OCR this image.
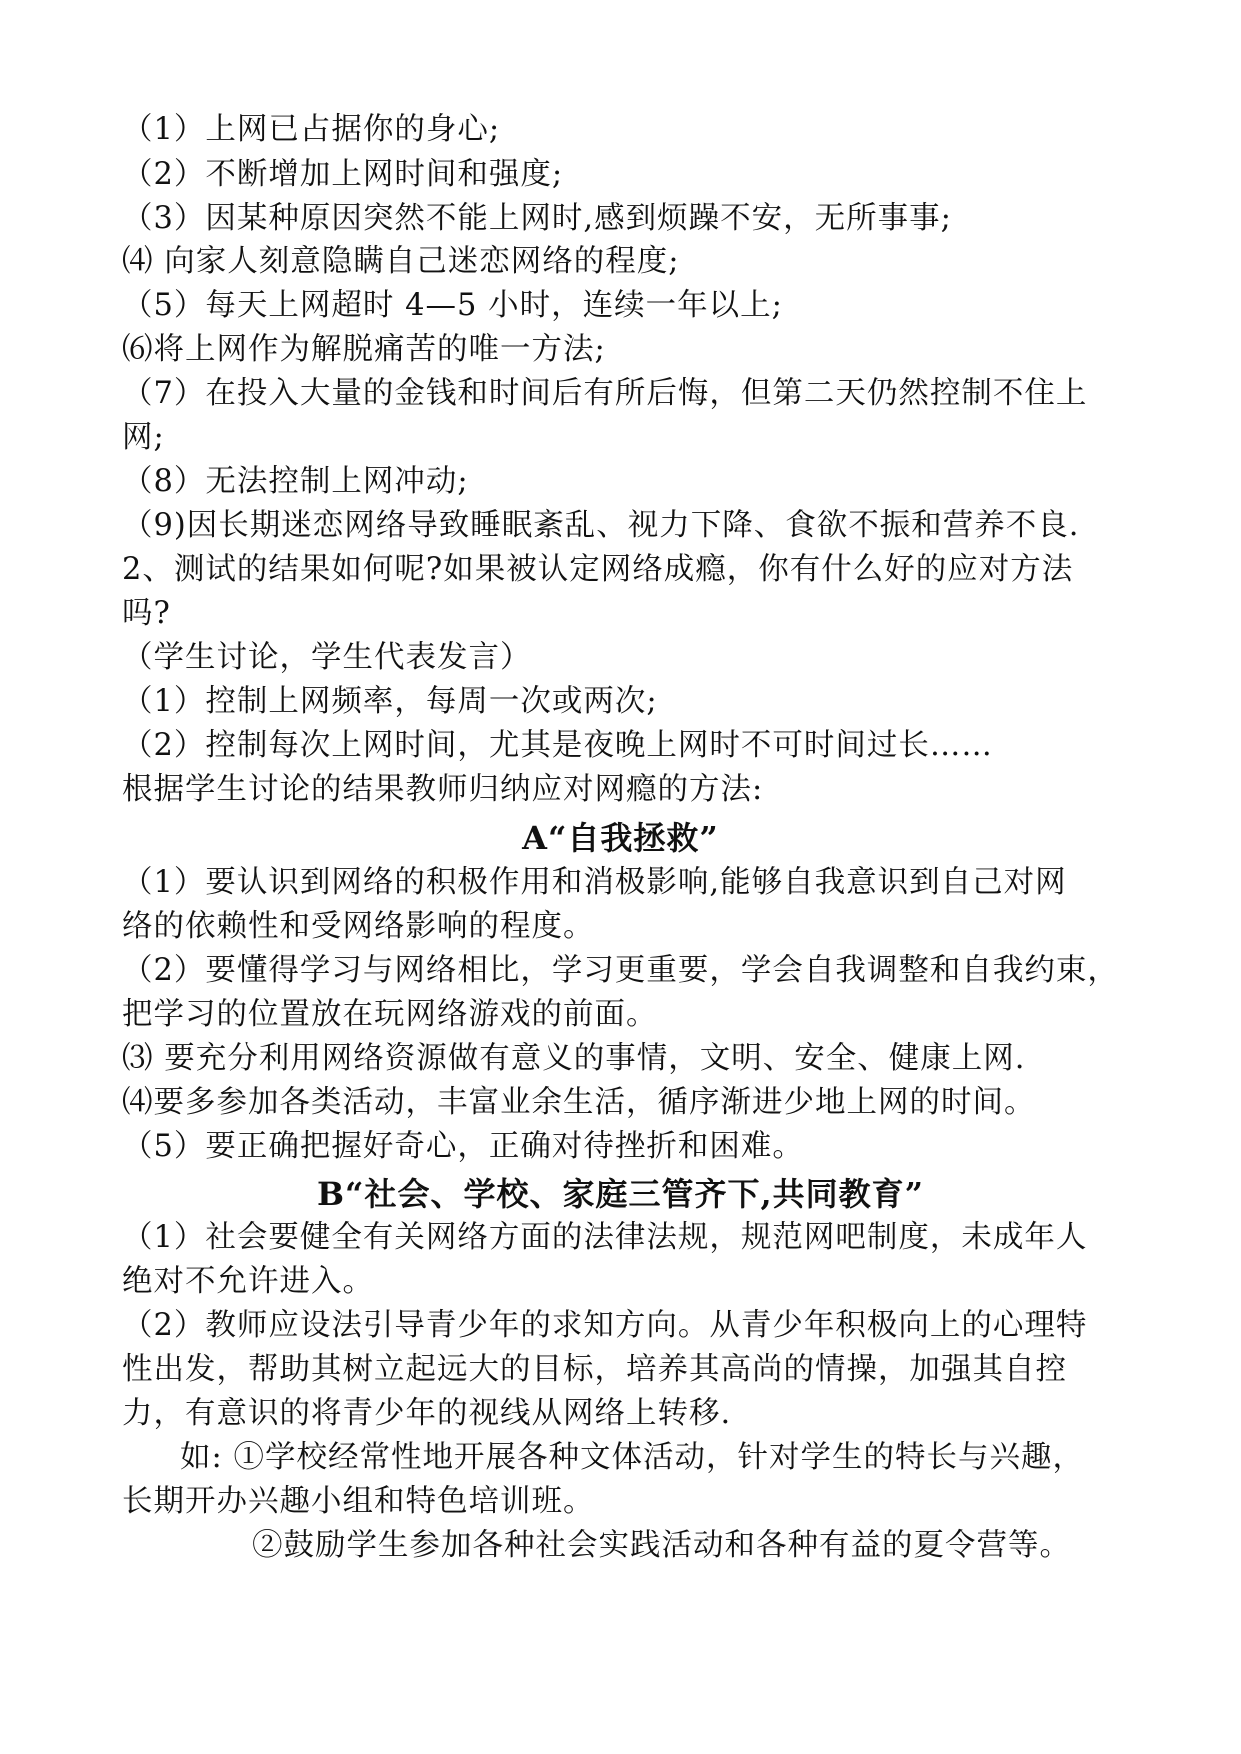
（1）上网已占据你的身心;
（2）不断增加上网时间和强度;
（3）因某种原因突然不能上网时,感到烦躁不安，无所事事;
⑷ 向家人刻意隐瞒自己迷恋网络的程度;
（5）每天上网超时 4—5 小时，连续一年以上;
⑹将上网作为解脱痛苦的唯一方法;
（7）在投入大量的金钱和时间后有所后悔，但第二天仍然控制不住上
网;
（8）无法控制上网冲动;
（9)因长期迷恋网络导致睡眠紊乱、视力下降、食欲不振和营养不良.
2、测试的结果如何呢?如果被认定网络成瘾，你有什么好的应对方法
吗?
（学生讨论，学生代表发言）
（1）控制上网频率，每周一次或两次;
（2）控制每次上网时间，尤其是夜晚上网时不可时间过长……
根据学生讨论的结果教师归纳应对网瘾的方法:
A“自我拯救”
（1）要认识到网络的积极作用和消极影响,能够自我意识到自己对网
络的依赖性和受网络影响的程度。
（2）要懂得学习与网络相比，学习更重要，学会自我调整和自我约束，
把学习的位置放在玩网络游戏的前面。
⑶ 要充分利用网络资源做有意义的事情，文明、安全、健康上网.
⑷要多参加各类活动，丰富业余生活，循序渐进少地上网的时间。
（5）要正确把握好奇心，正确对待挫折和困难。
B“社会、学校、家庭三管齐下,共同教育”
（1）社会要健全有关网络方面的法律法规，规范网吧制度，未成年人
绝对不允许进入。
（2）教师应设法引导青少年的求知方向。从青少年积极向上的心理特
性出发，帮助其树立起远大的目标，培养其高尚的情操，加强其自控
力，有意识的将青少年的视线从网络上转移.
如: ①学校经常性地开展各种文体活动，针对学生的特长与兴趣，
长期开办兴趣小组和特色培训班。
②鼓励学生参加各种社会实践活动和各种有益的夏令营等。
